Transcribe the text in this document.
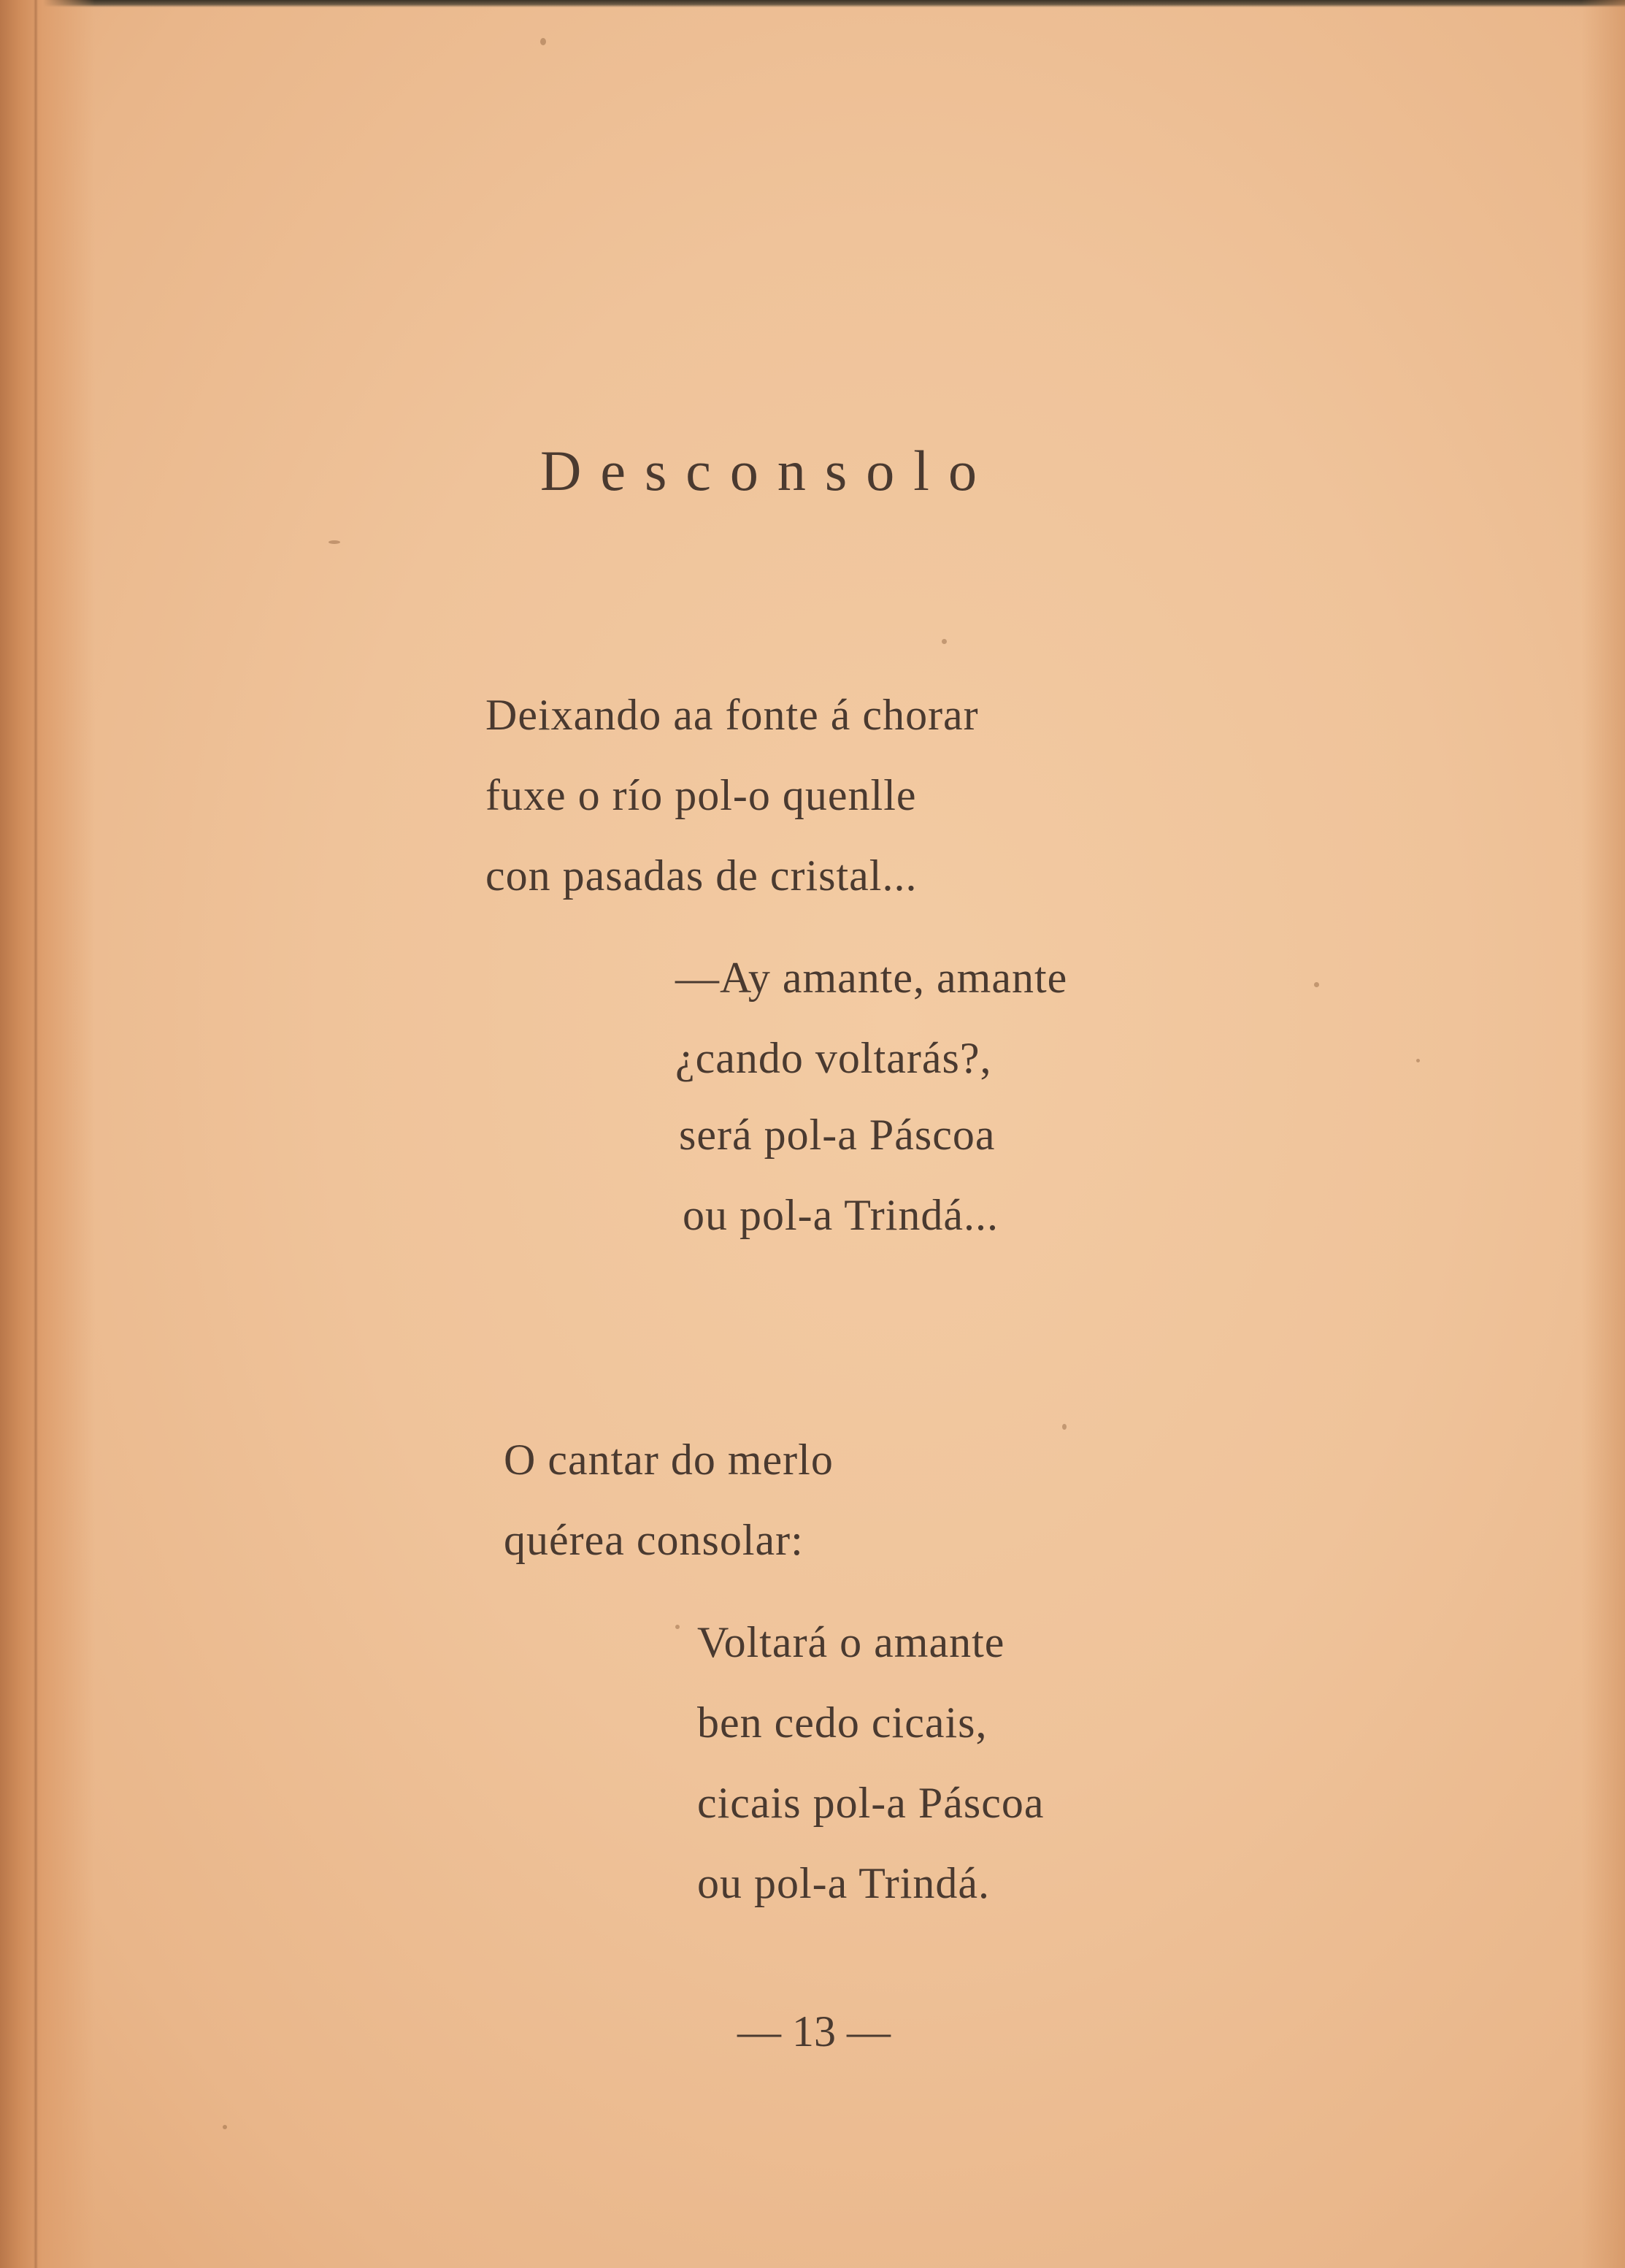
Desconsolo
Deixando aa fonte á chorar
fuxe o río pol-o quenlle
con pasadas de cristal...
—Ay amante, amante
¿cando voltarás?,
será pol-a Páscoa
ou pol-a Trindá...
O cantar do merlo
quérea consolar:
Voltará o amante
ben cedo cicais,
cicais pol-a Páscoa
ou pol-a Trindá.
— 13 —
